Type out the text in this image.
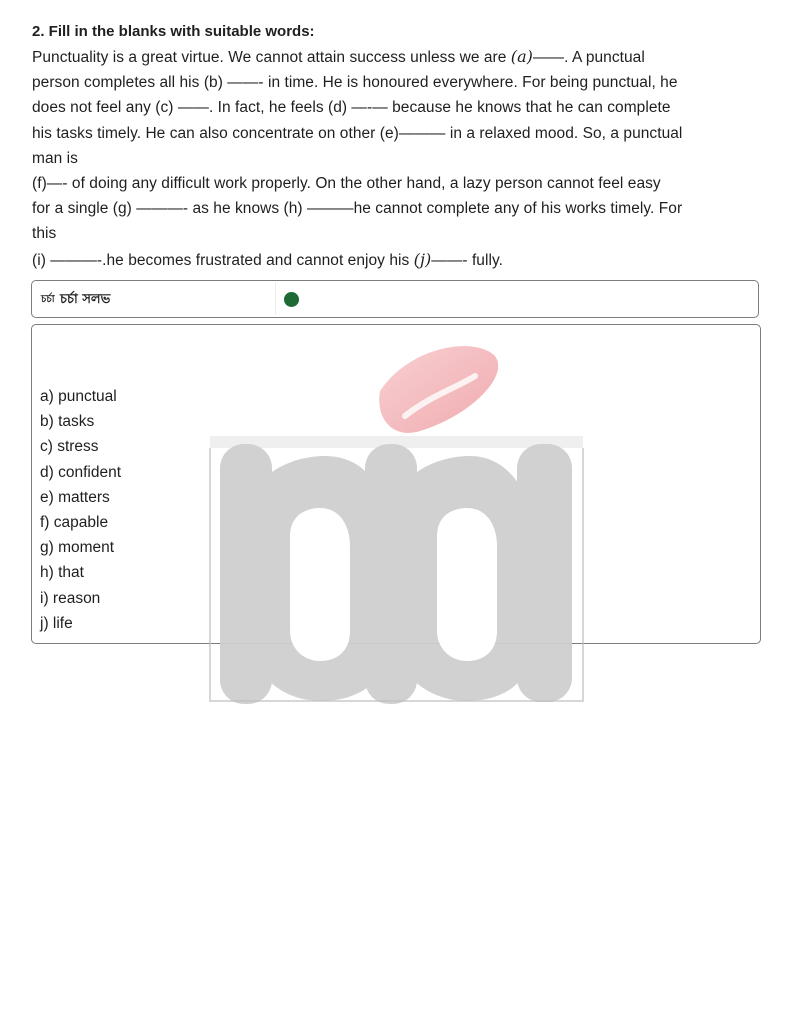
2. Fill in the blanks with suitable words:

Punctuality is a great virtue. We cannot attain success unless we are (a)——. A punctual

person completes all his (b) ——- in time. He is honoured everywhere. For being punctual, he

does not feel any (c) ——. In fact, he feels (d) —-— because he knows that he can complete

his tasks timely. He can also concentrate on other (e)——— in a relaxed mood. So, a punctual

man is

(f)—- of doing any difficult work properly. On the other hand, a lazy person cannot feel easy

for a single (g) ———- as he knows (h) ———he cannot complete any of his works timely. For

this

(i) ———-.he becomes frustrated and cannot enjoy his (j)——- fully.

চর্চা চর্চা সলভ
a) punctual
b) tasks
c) stress
d) confident
e) matters
f) capable
g) moment
h) that
i) reason
j) life
